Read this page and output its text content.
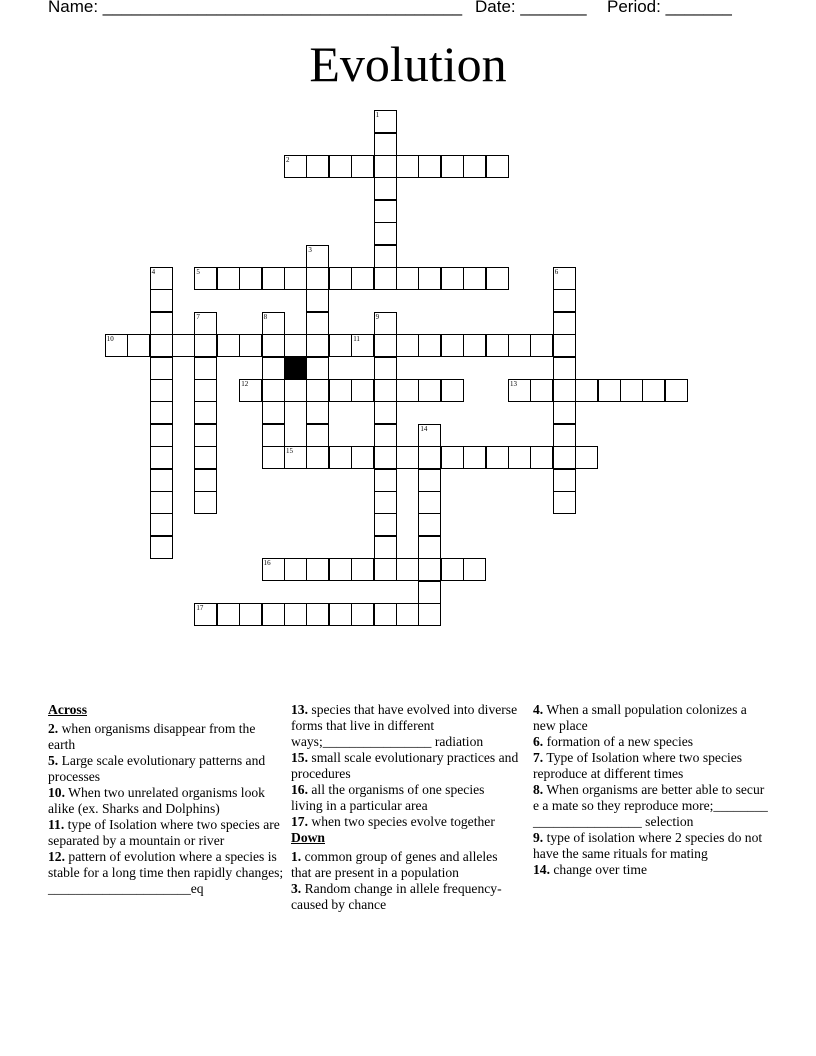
Name: ______________________________________ Date: _______ Period: _______
Evolution
1
2
5
3
4
10	11
6
7	8	9
12	13
14
15
16
17
Across
2. when organisms disappear from the earth
5. Large scale evolutionary patterns and processes
10. When two unrelated organisms look alike (ex. Sharks and Dolphins)
11. type of Isolation where two species are separated by a mountain or river
12. pattern of evolution where a species is stable for a long time then rapidly changes;_____________________eq
13. species that have evolved into diverse forms that live in different ways;________________ radiation
15. small scale evolutionary practices and procedures
16. all the organisms of one species living in a particular area
17. when two species evolve together
Down
1. common group of genes and alleles that are present in a population
3. Random change in allele frequency- caused by chance
4. When a small population colonizes a new place
6. formation of a new species
7. Type of Isolation where two species reproduce at different times
8. When organisms are better able to secure a mate so they reproduce more;________________________ selection
9. type of isolation where 2 species do not have the same rituals for mating
14. change over time
